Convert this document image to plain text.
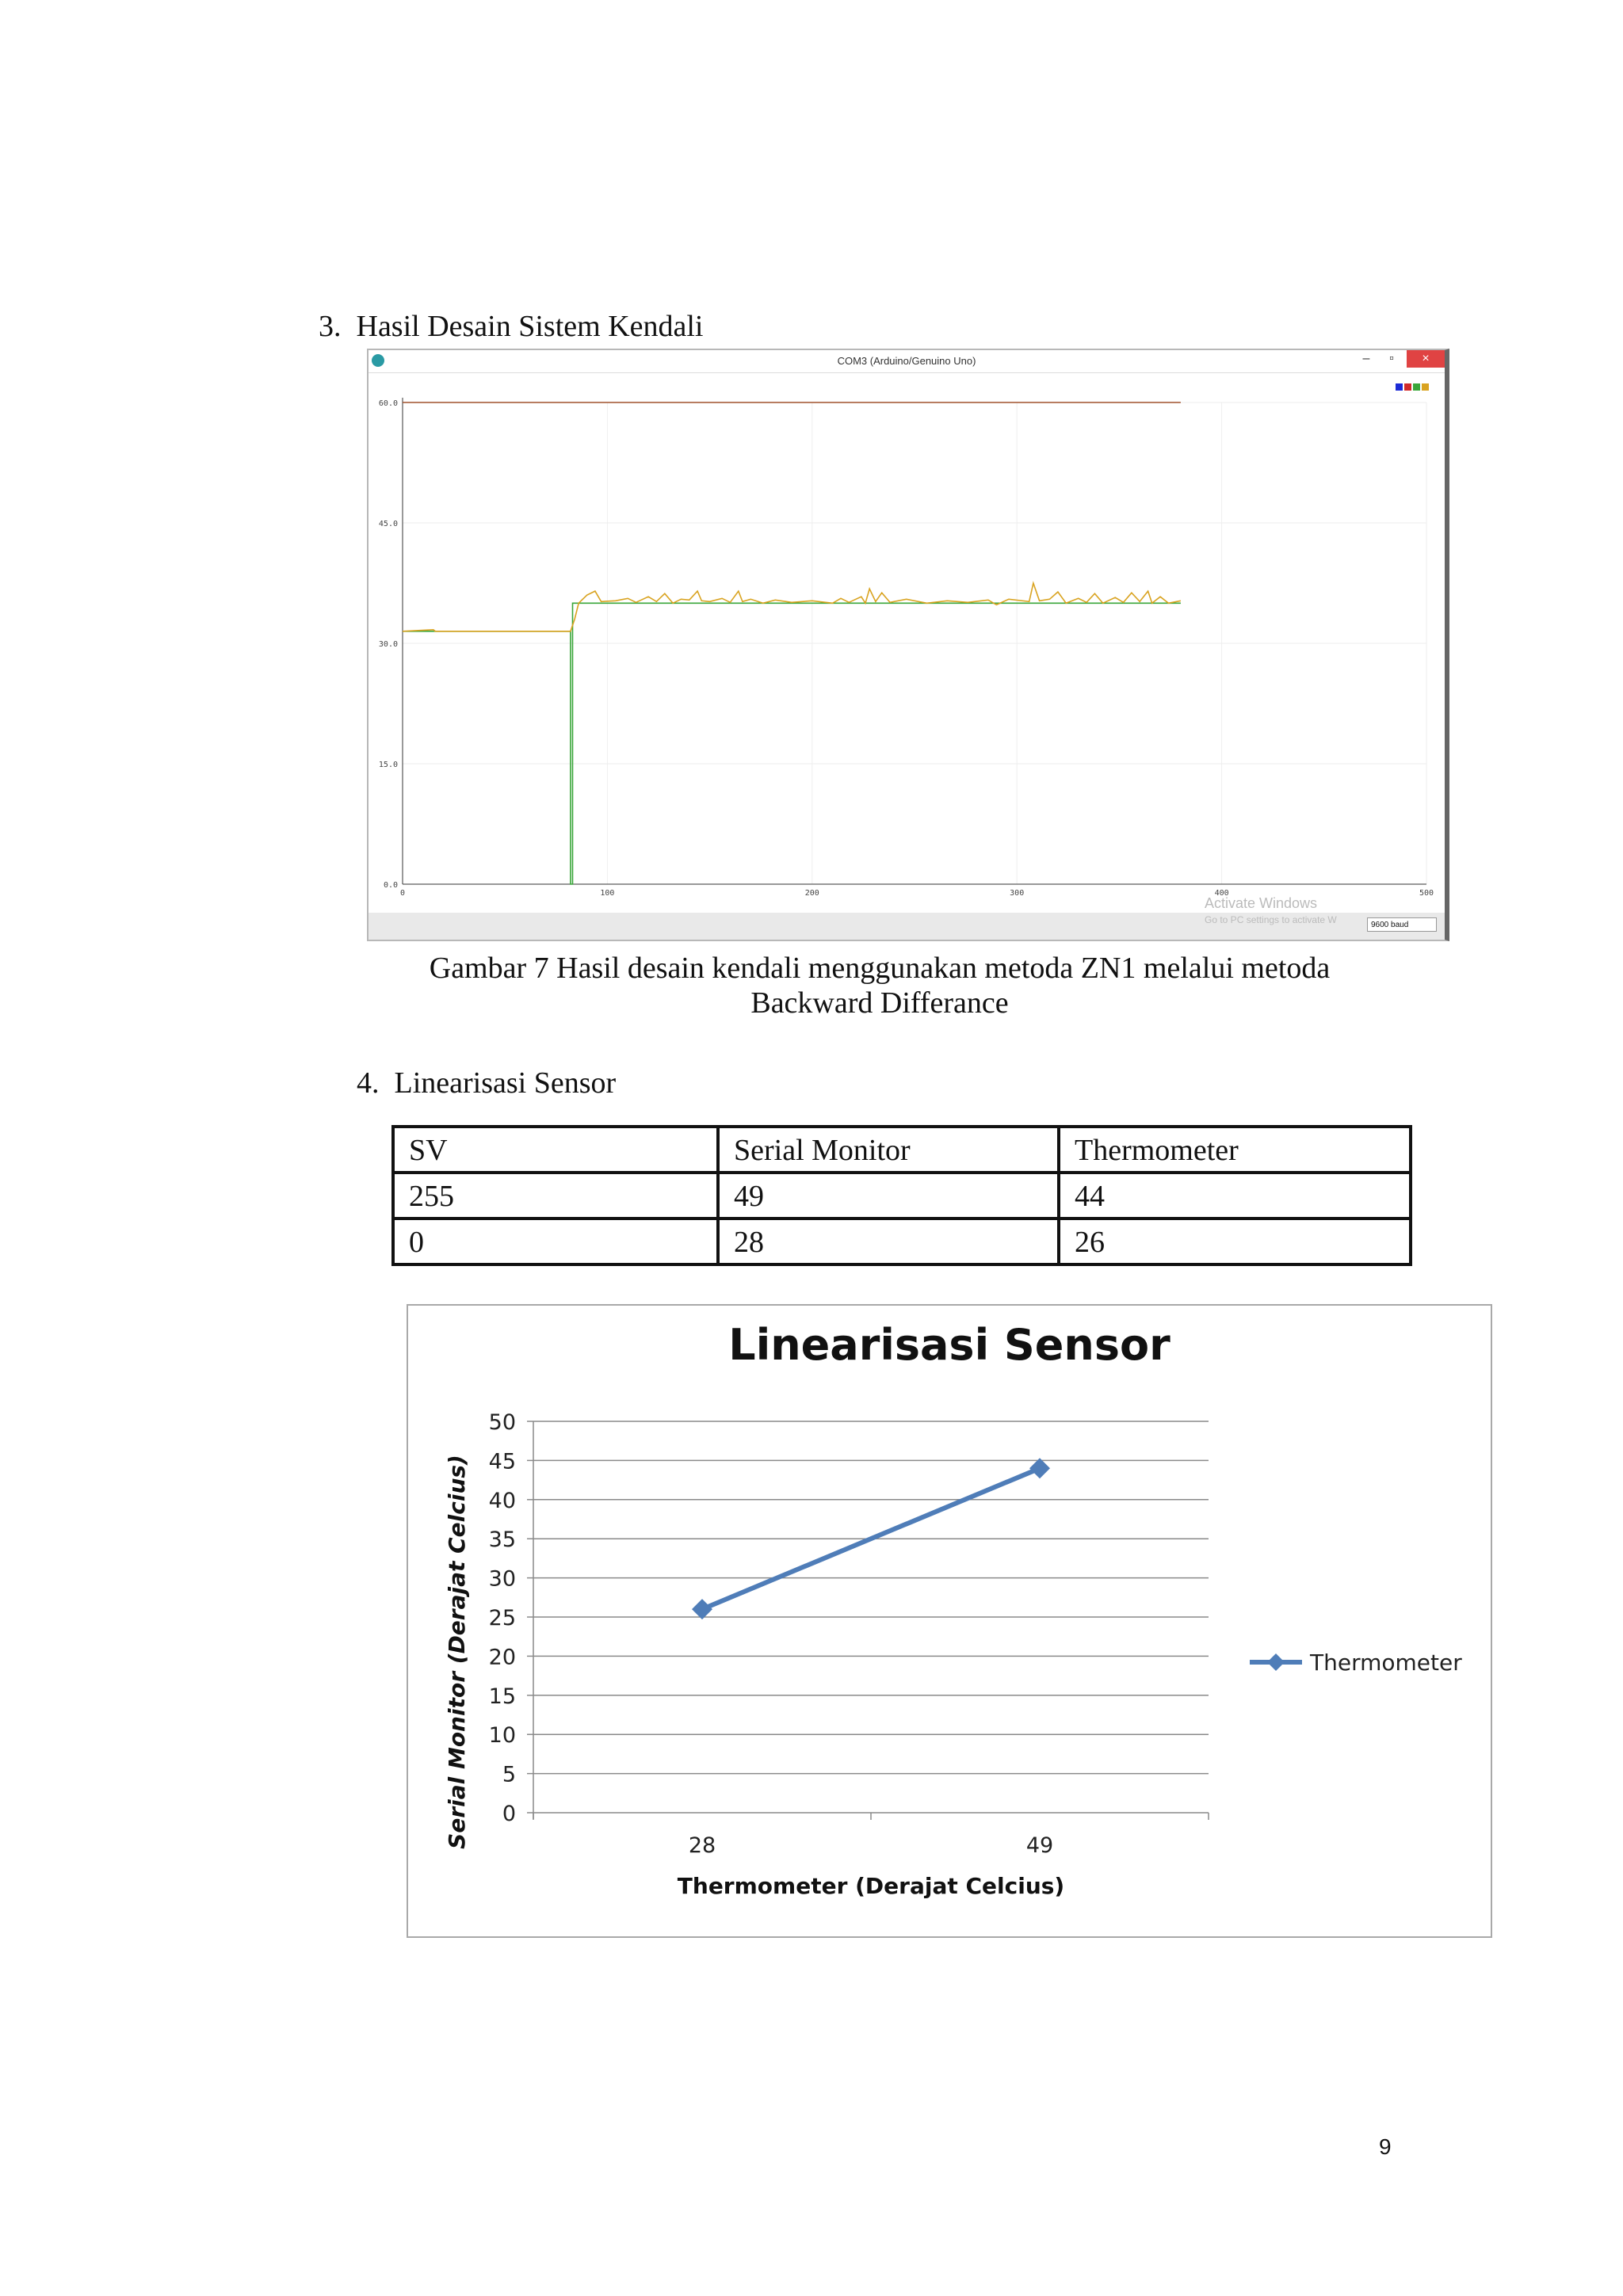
3. Hasil Desain Sistem Kendali
COM3 (Arduino/Genuino Uno)	–	▫	×
60.0
45.0
30.0
15.0
0.0
0	100	200	300	400	500
Activate Windows
Go to PC settings to activate W	9600 baud
Gambar 7 Hasil desain kendali menggunakan metoda ZN1 melalui metoda
Backward Differance
4. Linearisasi Sensor
SV	Serial Monitor	Thermometer
255	49	44
0	28	26
Linearisasi Sensor
0
5
10
15
20
25
30
35
40
45
50
28	49
Thermometer (Derajat Celcius)
Serial Monitor (Derajat Celcius)	Thermometer
9
